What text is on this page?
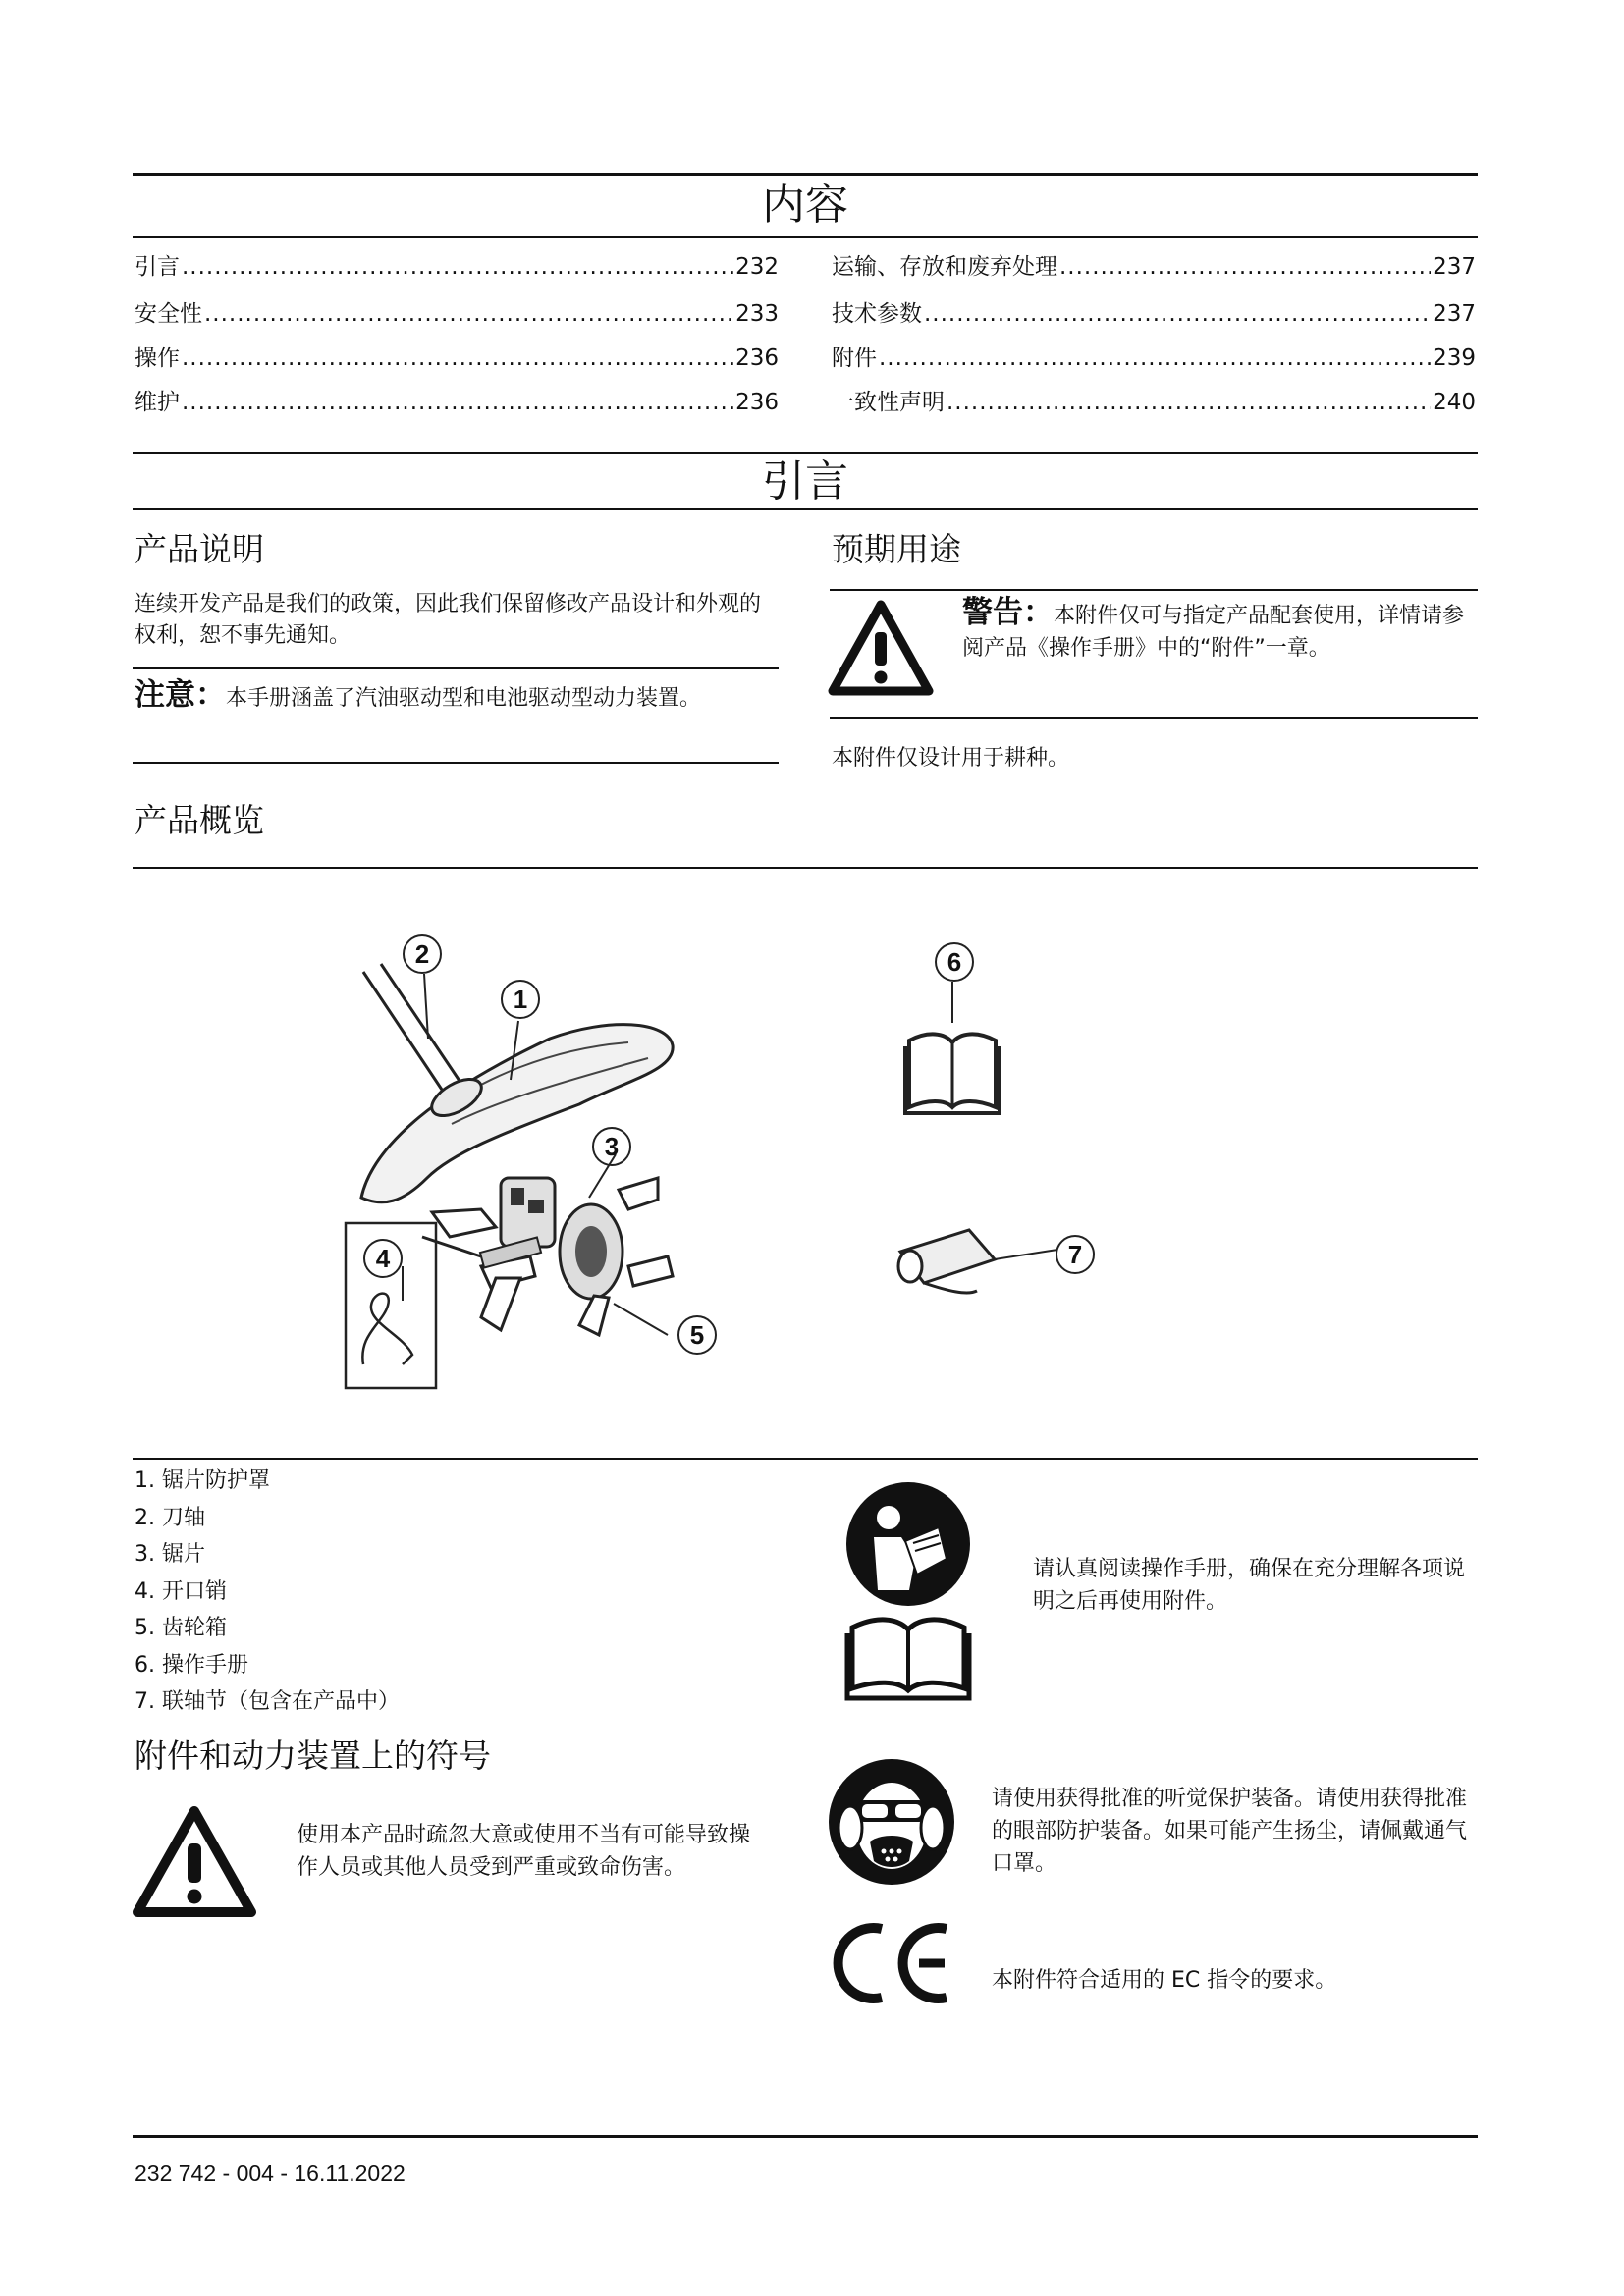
内容
引言 .....	232
安全性 .....	233
操作 .....	236
维护 .....	236
运输、存放和废弃处理 .....	237
技术参数 .....	237
附件 .....	239
一致性声明 .....	240
引言
产品说明
连续开发产品是我们的政策，因此我们保留修改产品设计和外观的权利，恕不事先通知。
注意：本手册涵盖了汽油驱动型和电池驱动型动力装置。
预期用途
警告：本附件仅可与指定产品配套使用，详情请参阅产品《操作手册》中的“附件”一章。
本附件仅设计用于耕种。
产品概览
2
1
3
4
5
6
7
1. 锯片防护罩
2. 刀轴
3. 锯片
4. 开口销
5. 齿轮箱
6. 操作手册
7. 联轴节（包含在产品中）
附件和动力装置上的符号
使用本产品时疏忽大意或使用不当有可能导致操作人员或其他人员受到严重或致命伤害。
请认真阅读操作手册，确保在充分理解各项说明之后再使用附件。
请使用获得批准的听觉保护装备。请使用获得批准的眼部防护装备。如果可能产生扬尘，请佩戴通气口罩。
本附件符合适用的 EC 指令的要求。
232 742 - 004 - 16.11.2022
